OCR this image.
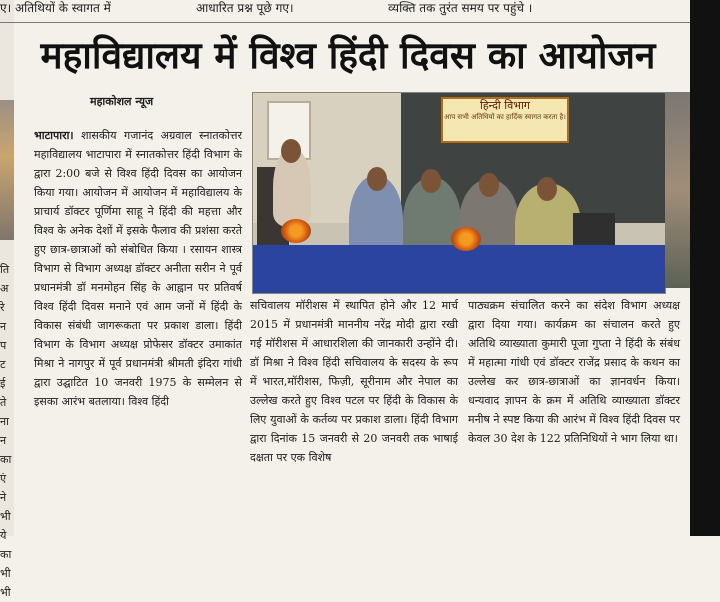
ति
अ
रे
न
प
ट
ई
ते
ना
न
का
एं
ने
भी
ये
का
भी
भी
ए। अतिथियों के स्वागत में	आधारित प्रश्न पूछे गए।	व्यक्ति तक तुरंत समय पर पहुंचे ।
महाविद्यालय में विश्व हिंदी दिवस का आयोजन
महाकोशल न्यूज

भाटापारा। शासकीय गजानंद अग्रवाल स्नातकोत्तर महाविद्यालय भाटापारा में स्नातकोत्तर हिंदी विभाग के द्वारा 2:00 बजे से विश्व हिंदी दिवस का आयोजन किया गया। आयोजन में आयोजन में महाविद्यालय के प्राचार्य डॉक्टर पूर्णिमा साहू ने हिंदी की महत्ता और विश्व के अनेक देशों में इसके फैलाव की प्रशंसा करते हुए छात्र-छात्राओं को संबोधित किया । रसायन शास्त्र विभाग से विभाग अध्यक्ष डॉक्टर अनीता सरीन ने पूर्व प्रधानमंत्री डॉ मनमोहन सिंह के आह्वान पर प्रतिवर्ष विश्व हिंदी दिवस मनाने एवं आम जनों में हिंदी के विकास संबंधी जागरूकता पर प्रकाश डाला। हिंदी विभाग के विभाग अध्यक्ष प्रोफेसर डॉक्टर उमाकांत मिश्रा ने नागपुर में पूर्व प्रधानमंत्री श्रीमती इंदिरा गांधी द्वारा उद्घाटित 10 जनवरी 1975 के सम्मेलन से इसका आरंभ बतलाया। विश्व हिंदी

हिन्दी विभाग
आप सभी अतिथियों का हार्दिक स्वागत करता है।

सचिवालय मॉरीशस में स्थापित होने और 12 मार्च 2015 में प्रधानमंत्री माननीय नरेंद्र मोदी द्वारा रखी गई मॉरीशस में आधारशिला की जानकारी उन्होंने दी। डॉ मिश्रा ने विश्व हिंदी सचिवालय के सदस्य के रूप में भारत,मॉरीशस, फिज़ी, सूरीनाम और नेपाल का उल्लेख करते हुए विश्व पटल पर हिंदी के विकास के लिए युवाओं के कर्तव्य पर प्रकाश डाला। हिंदी विभाग द्वारा दिनांक 15 जनवरी से 20 जनवरी तक भाषाई दक्षता पर एक विशेष

पाठ्यक्रम संचालित करने का संदेश विभाग अध्यक्ष द्वारा दिया गया। कार्यक्रम का संचालन करते हुए अतिथि व्याख्याता कुमारी पूजा गुप्ता ने हिंदी के संबंध में महात्मा गांधी एवं डॉक्टर राजेंद्र प्रसाद के कथन का उल्लेख कर छात्र-छात्राओं का ज्ञानवर्धन किया। धन्यवाद ज्ञापन के क्रम में अतिथि व्याख्याता डॉक्टर मनीष ने स्पष्ट किया की आरंभ में विश्व हिंदी दिवस पर केवल 30 देश के 122 प्रतिनिधियों ने भाग लिया था।
